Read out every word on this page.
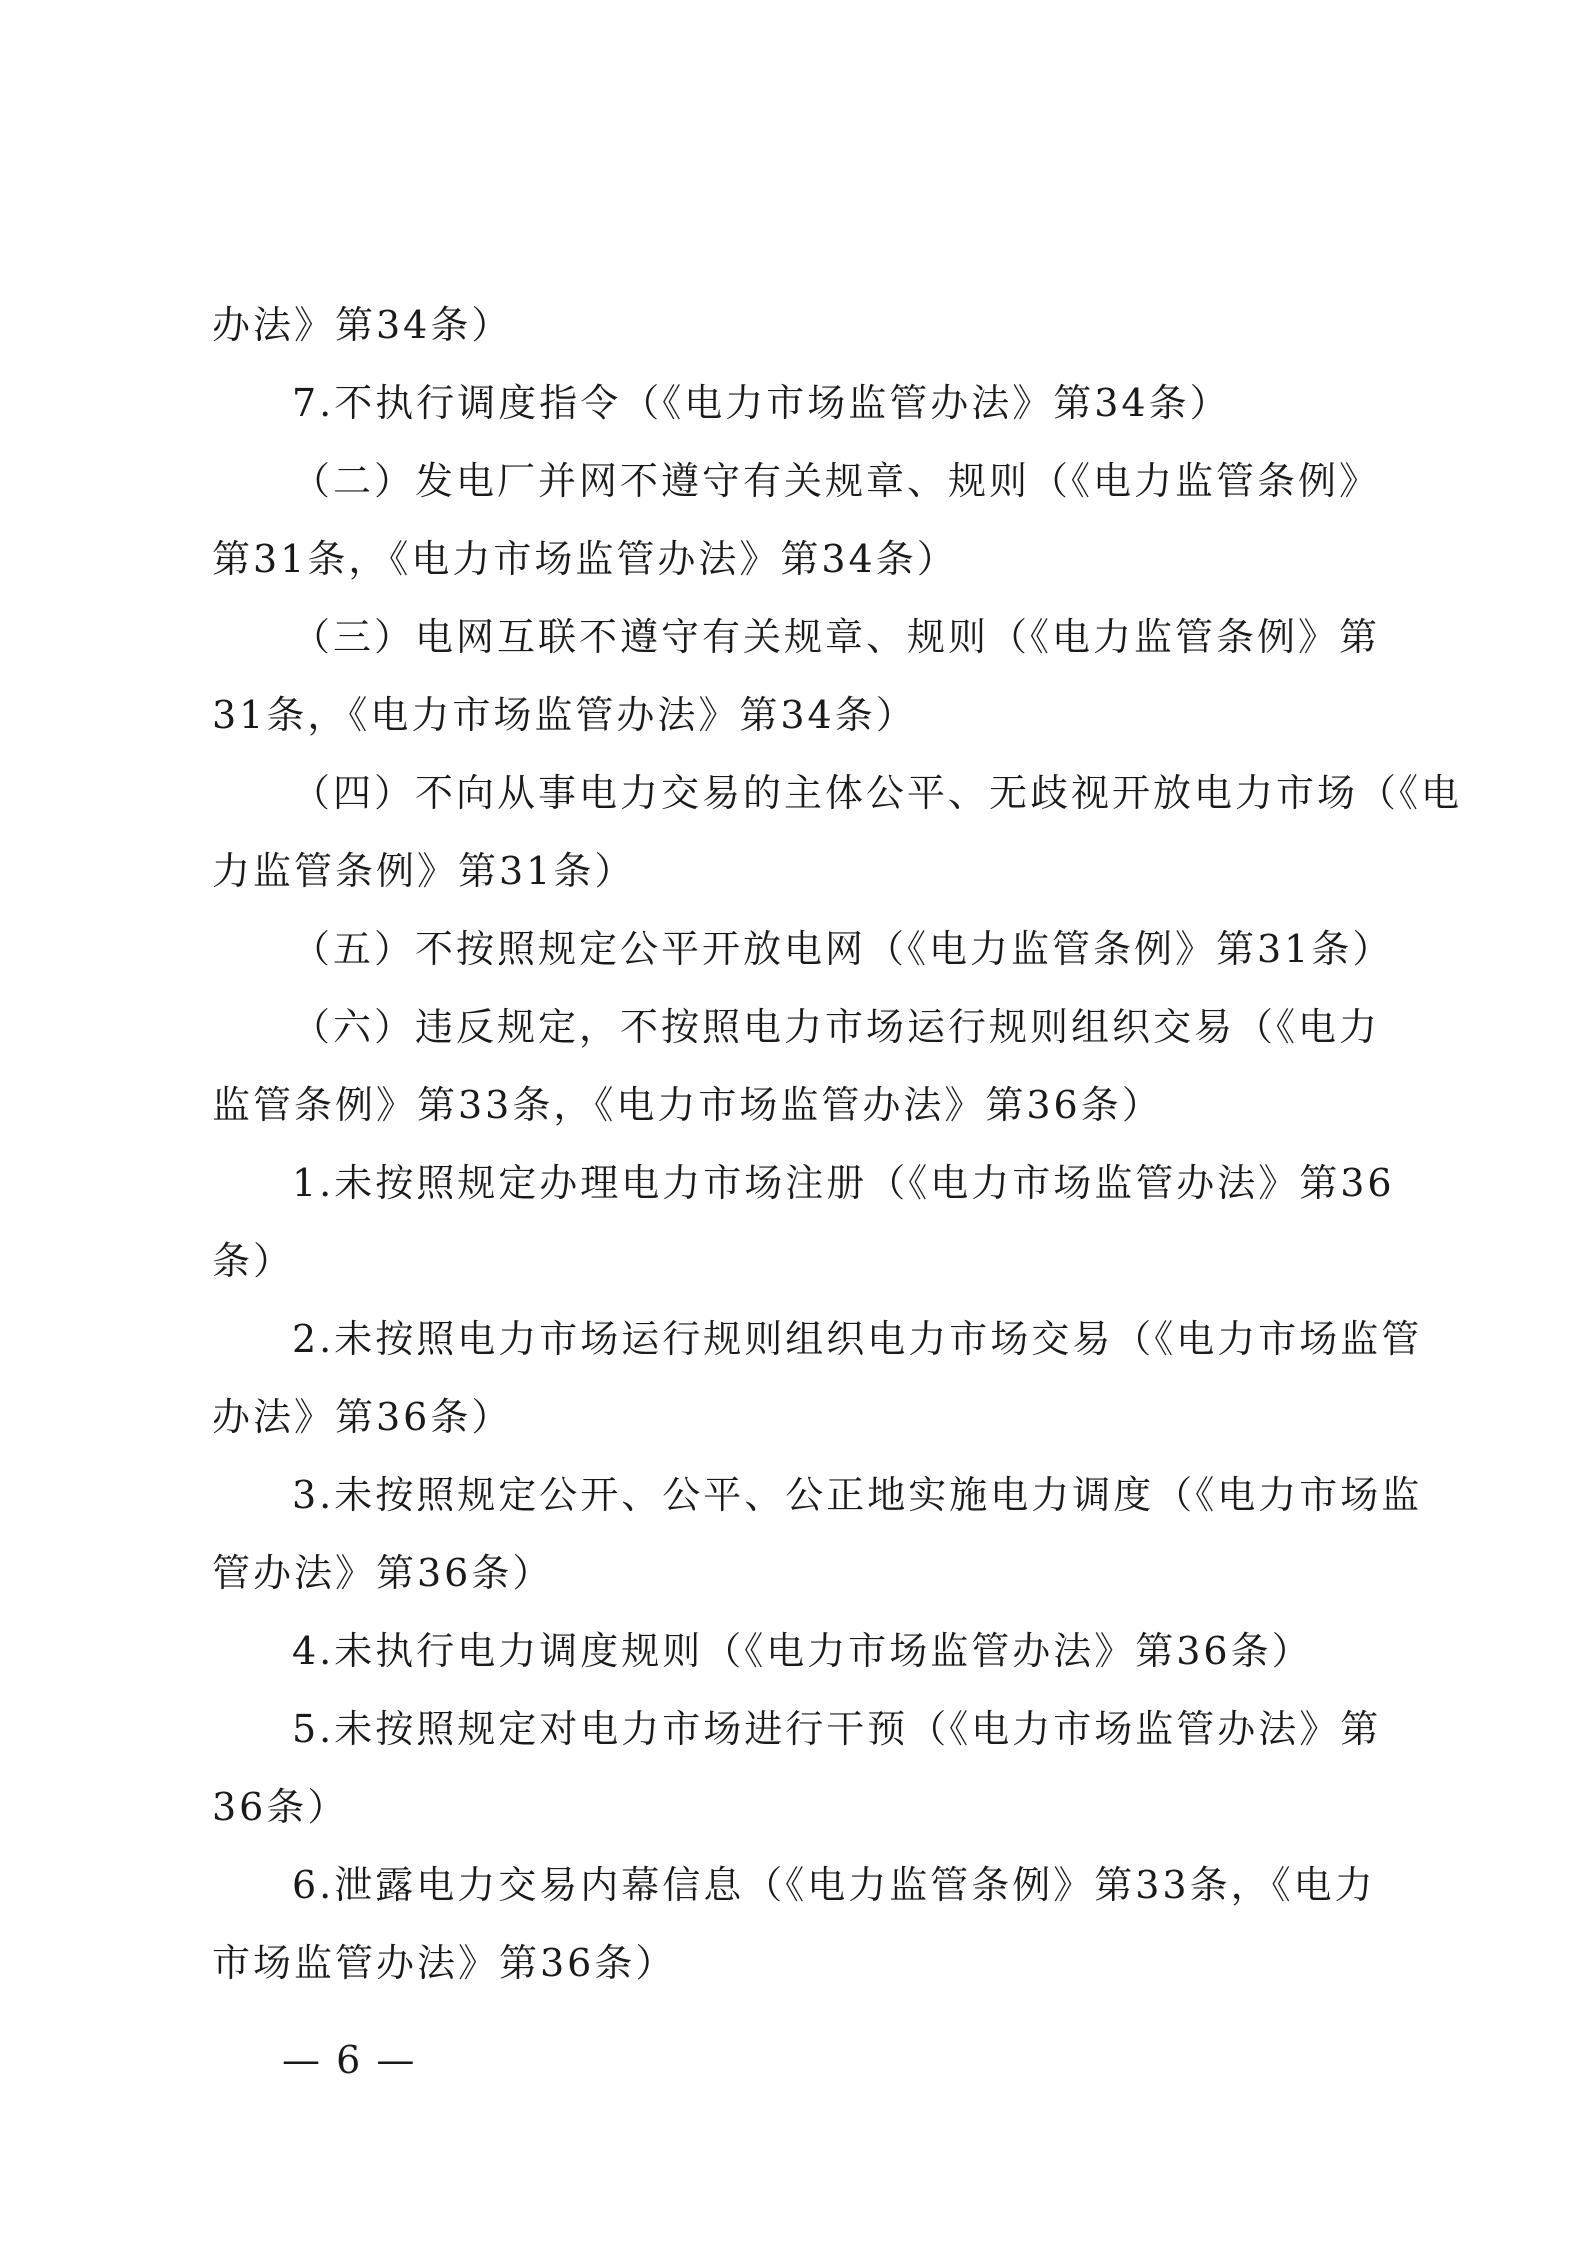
办法》第34条）
7.不执行调度指令（《电力市场监管办法》第34条）
（二）发电厂并网不遵守有关规章、规则（《电力监管条例》
第31条，《电力市场监管办法》第34条）
（三）电网互联不遵守有关规章、规则（《电力监管条例》第
31条，《电力市场监管办法》第34条）
（四）不向从事电力交易的主体公平、无歧视开放电力市场（《电
力监管条例》第31条）
（五）不按照规定公平开放电网（《电力监管条例》第31条）
（六）违反规定，不按照电力市场运行规则组织交易（《电力
监管条例》第33条，《电力市场监管办法》第36条）
1.未按照规定办理电力市场注册（《电力市场监管办法》第36
条）
2.未按照电力市场运行规则组织电力市场交易（《电力市场监管
办法》第36条）
3.未按照规定公开、公平、公正地实施电力调度（《电力市场监
管办法》第36条）
4.未执行电力调度规则（《电力市场监管办法》第36条）
5.未按照规定对电力市场进行干预（《电力市场监管办法》第
36条）
6.泄露电力交易内幕信息（《电力监管条例》第33条，《电力
市场监管办法》第36条）
— 6 —
